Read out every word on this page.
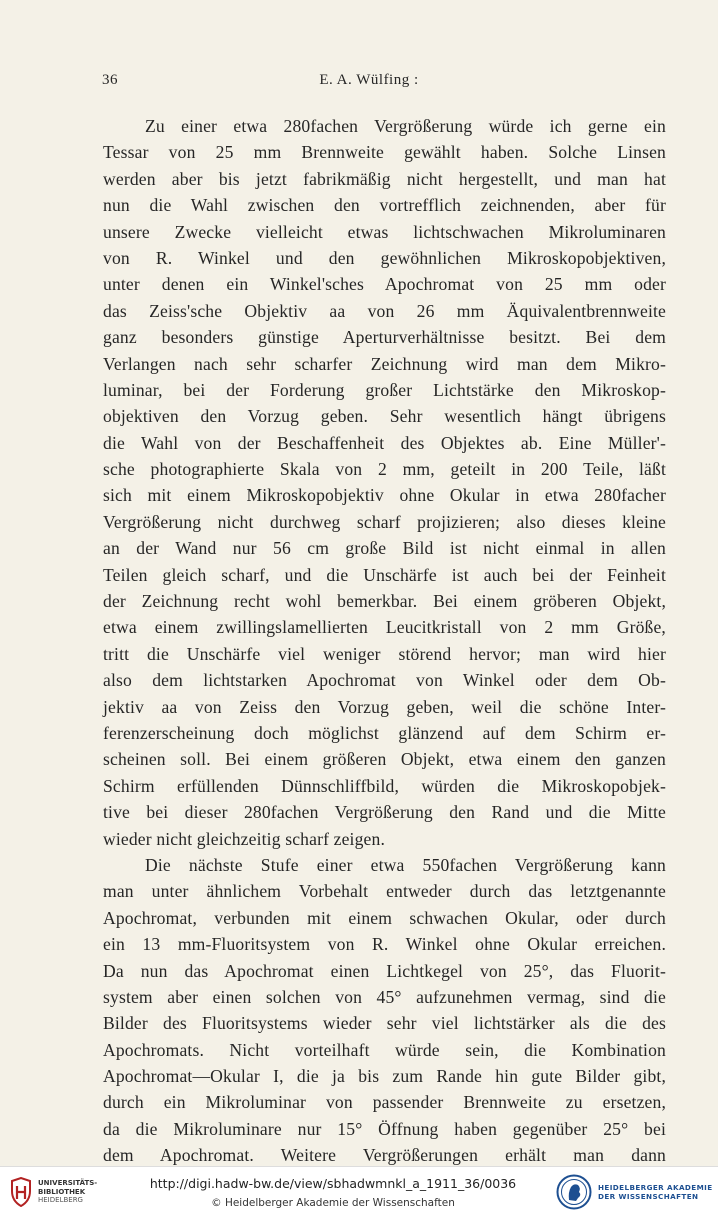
36	E. A. Wülfing :
Zu einer etwa 280fachen Vergrößerung würde ich gerne ein
Tessar von 25 mm Brennweite gewählt haben. Solche Linsen
werden aber bis jetzt fabrikmäßig nicht hergestellt, und man hat
nun die Wahl zwischen den vortrefflich zeichnenden, aber für
unsere Zwecke vielleicht etwas lichtschwachen Mikroluminaren
von R. Winkel und den gewöhnlichen Mikroskopobjektiven,
unter denen ein Winkel'sches Apochromat von 25 mm oder
das Zeiss'sche Objektiv aa von 26 mm Äquivalentbrennweite
ganz besonders günstige Aperturverhältnisse besitzt. Bei dem
Verlangen nach sehr scharfer Zeichnung wird man dem Mikro-
luminar, bei der Forderung großer Lichtstärke den Mikroskop-
objektiven den Vorzug geben. Sehr wesentlich hängt übrigens
die Wahl von der Beschaffenheit des Objektes ab. Eine Müller'-
sche photographierte Skala von 2 mm, geteilt in 200 Teile, läßt
sich mit einem Mikroskopobjektiv ohne Okular in etwa 280facher
Vergrößerung nicht durchweg scharf projizieren; also dieses kleine
an der Wand nur 56 cm große Bild ist nicht einmal in allen
Teilen gleich scharf, und die Unschärfe ist auch bei der Feinheit
der Zeichnung recht wohl bemerkbar. Bei einem gröberen Objekt,
etwa einem zwillingslamellierten Leucitkristall von 2 mm Größe,
tritt die Unschärfe viel weniger störend hervor; man wird hier
also dem lichtstarken Apochromat von Winkel oder dem Ob-
jektiv aa von Zeiss den Vorzug geben, weil die schöne Inter-
ferenzerscheinung doch möglichst glänzend auf dem Schirm er-
scheinen soll. Bei einem größeren Objekt, etwa einem den ganzen
Schirm erfüllenden Dünnschliffbild, würden die Mikroskopobjek-
tive bei dieser 280fachen Vergrößerung den Rand und die Mitte
wieder nicht gleichzeitig scharf zeigen.
Die nächste Stufe einer etwa 550fachen Vergrößerung kann
man unter ähnlichem Vorbehalt entweder durch das letztgenannte
Apochromat, verbunden mit einem schwachen Okular, oder durch
ein 13 mm-Fluoritsystem von R. Winkel ohne Okular erreichen.
Da nun das Apochromat einen Lichtkegel von 25°, das Fluorit-
system aber einen solchen von 45° aufzunehmen vermag, sind die
Bilder des Fluoritsystems wieder sehr viel lichtstärker als die des
Apochromats. Nicht vorteilhaft würde sein, die Kombination
Apochromat—Okular I, die ja bis zum Rande hin gute Bilder gibt,
durch ein Mikroluminar von passender Brennweite zu ersetzen,
da die Mikroluminare nur 15° Öffnung haben gegenüber 25° bei
dem Apochromat. Weitere Vergrößerungen erhält man dann
UNIVERSITÄTS-
BIBLIOTHEK
HEIDELBERG
http://digi.hadw-bw.de/view/sbhadwmnkl_a_1911_36/0036
© Heidelberger Akademie der Wissenschaften
HEIDELBERGER AKADEMIE
DER WISSENSCHAFTEN
